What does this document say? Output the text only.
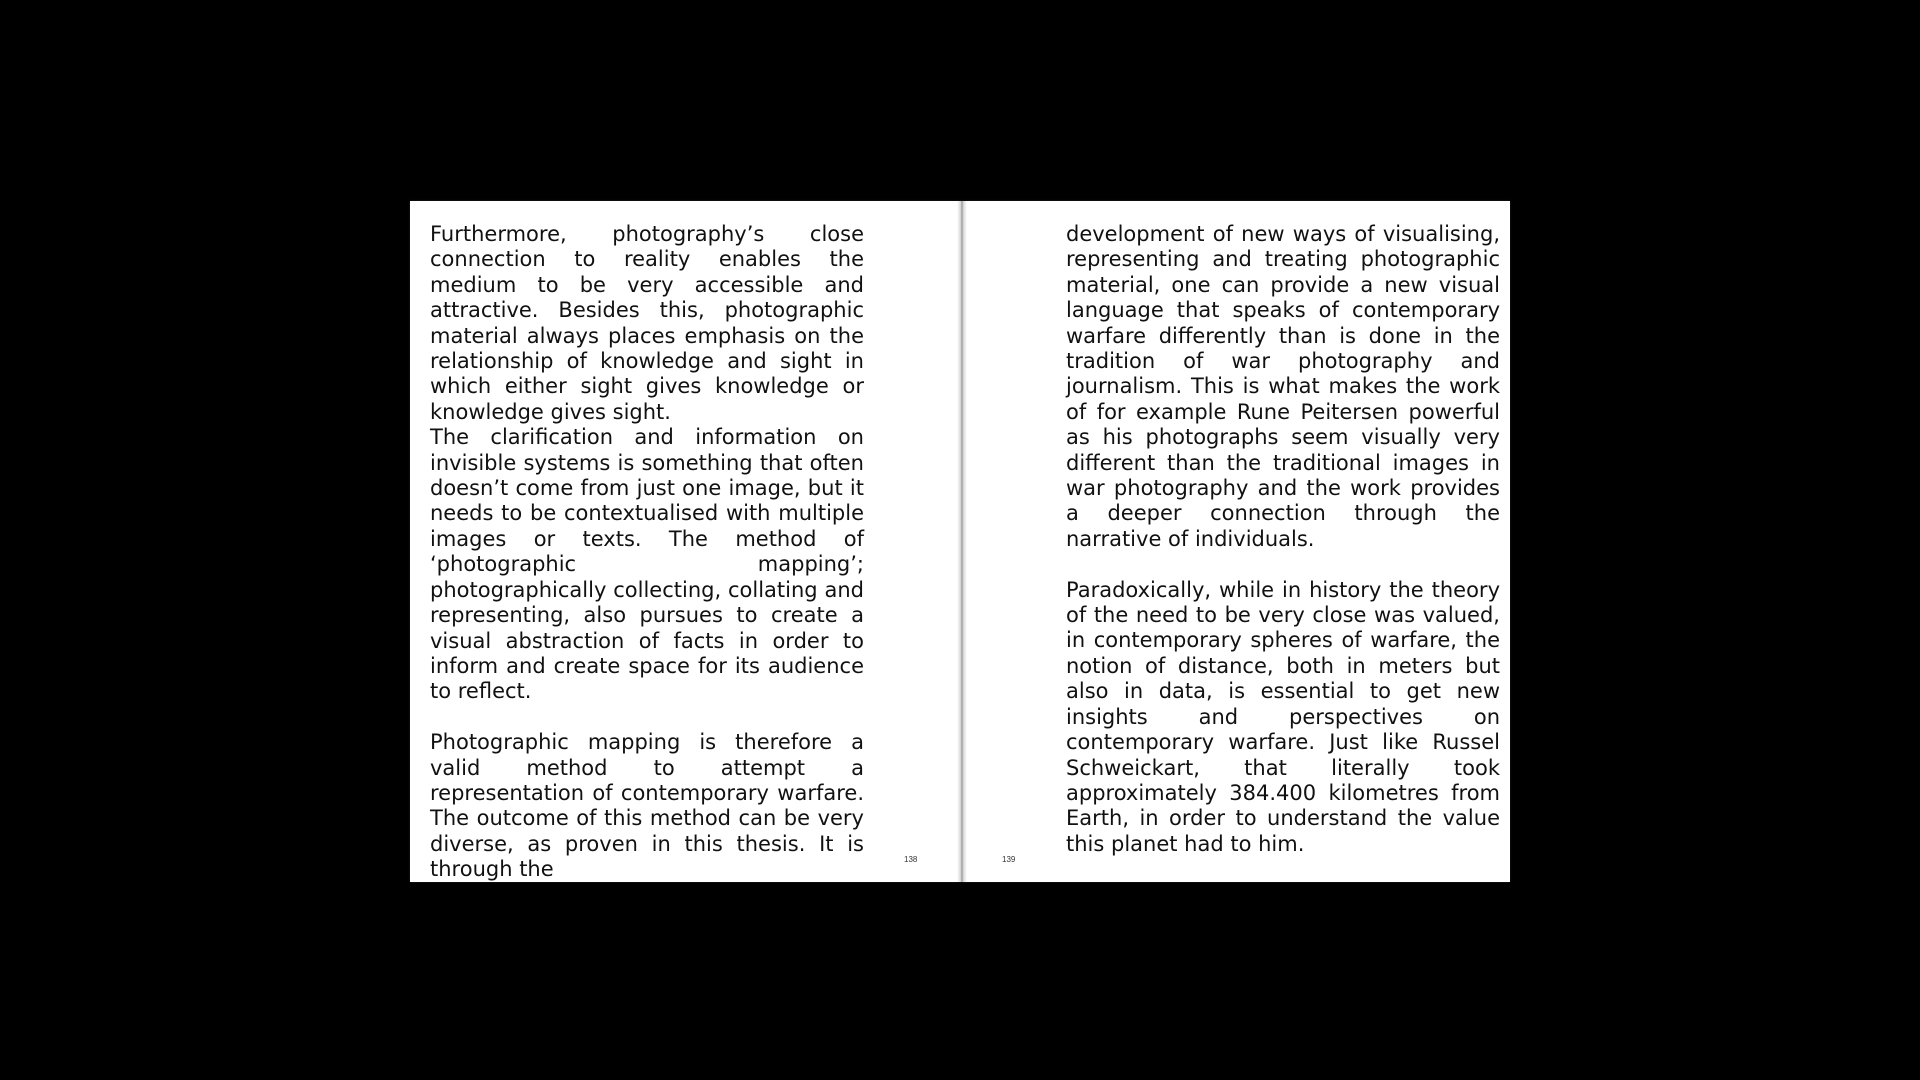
Furthermore, photography’s close connection to reality enables the medium to be very accessible and attractive. Besides this, photographic material always places emphasis on the relationship of knowledge and sight in which either sight gives knowledge or knowledge gives sight.

The clarification and information on invisible systems is something that often doesn’t come from just one image, but it needs to be contextualised with multiple images or texts. The method of ‘photographic mapping’; photographically collecting, collating and representing, also pursues to create a visual abstraction of facts in order to inform and create space for its audience to reflect.

Photographic mapping is therefore a valid method to attempt a representation of contemporary warfare. The outcome of this method can be very diverse, as proven in this thesis. It is through the	138

development of new ways of visualising, representing and treating photographic material, one can provide a new visual language that speaks of contemporary warfare differently than is done in the tradition of war photography and journalism. This is what makes the work of for example Rune Peitersen powerful as his photographs seem visually very different than the traditional images in war photography and the work provides a deeper connection through the narrative of individuals.

Paradoxically, while in history the theory of the need to be very close was valued, in contemporary spheres of warfare, the notion of distance, both in meters but also in data, is essential to get new insights and perspectives on contemporary warfare. Just like Russel Schweickart, that literally took approximately 384.400 kilometres from Earth, in order to understand the value this planet had to him.

139
